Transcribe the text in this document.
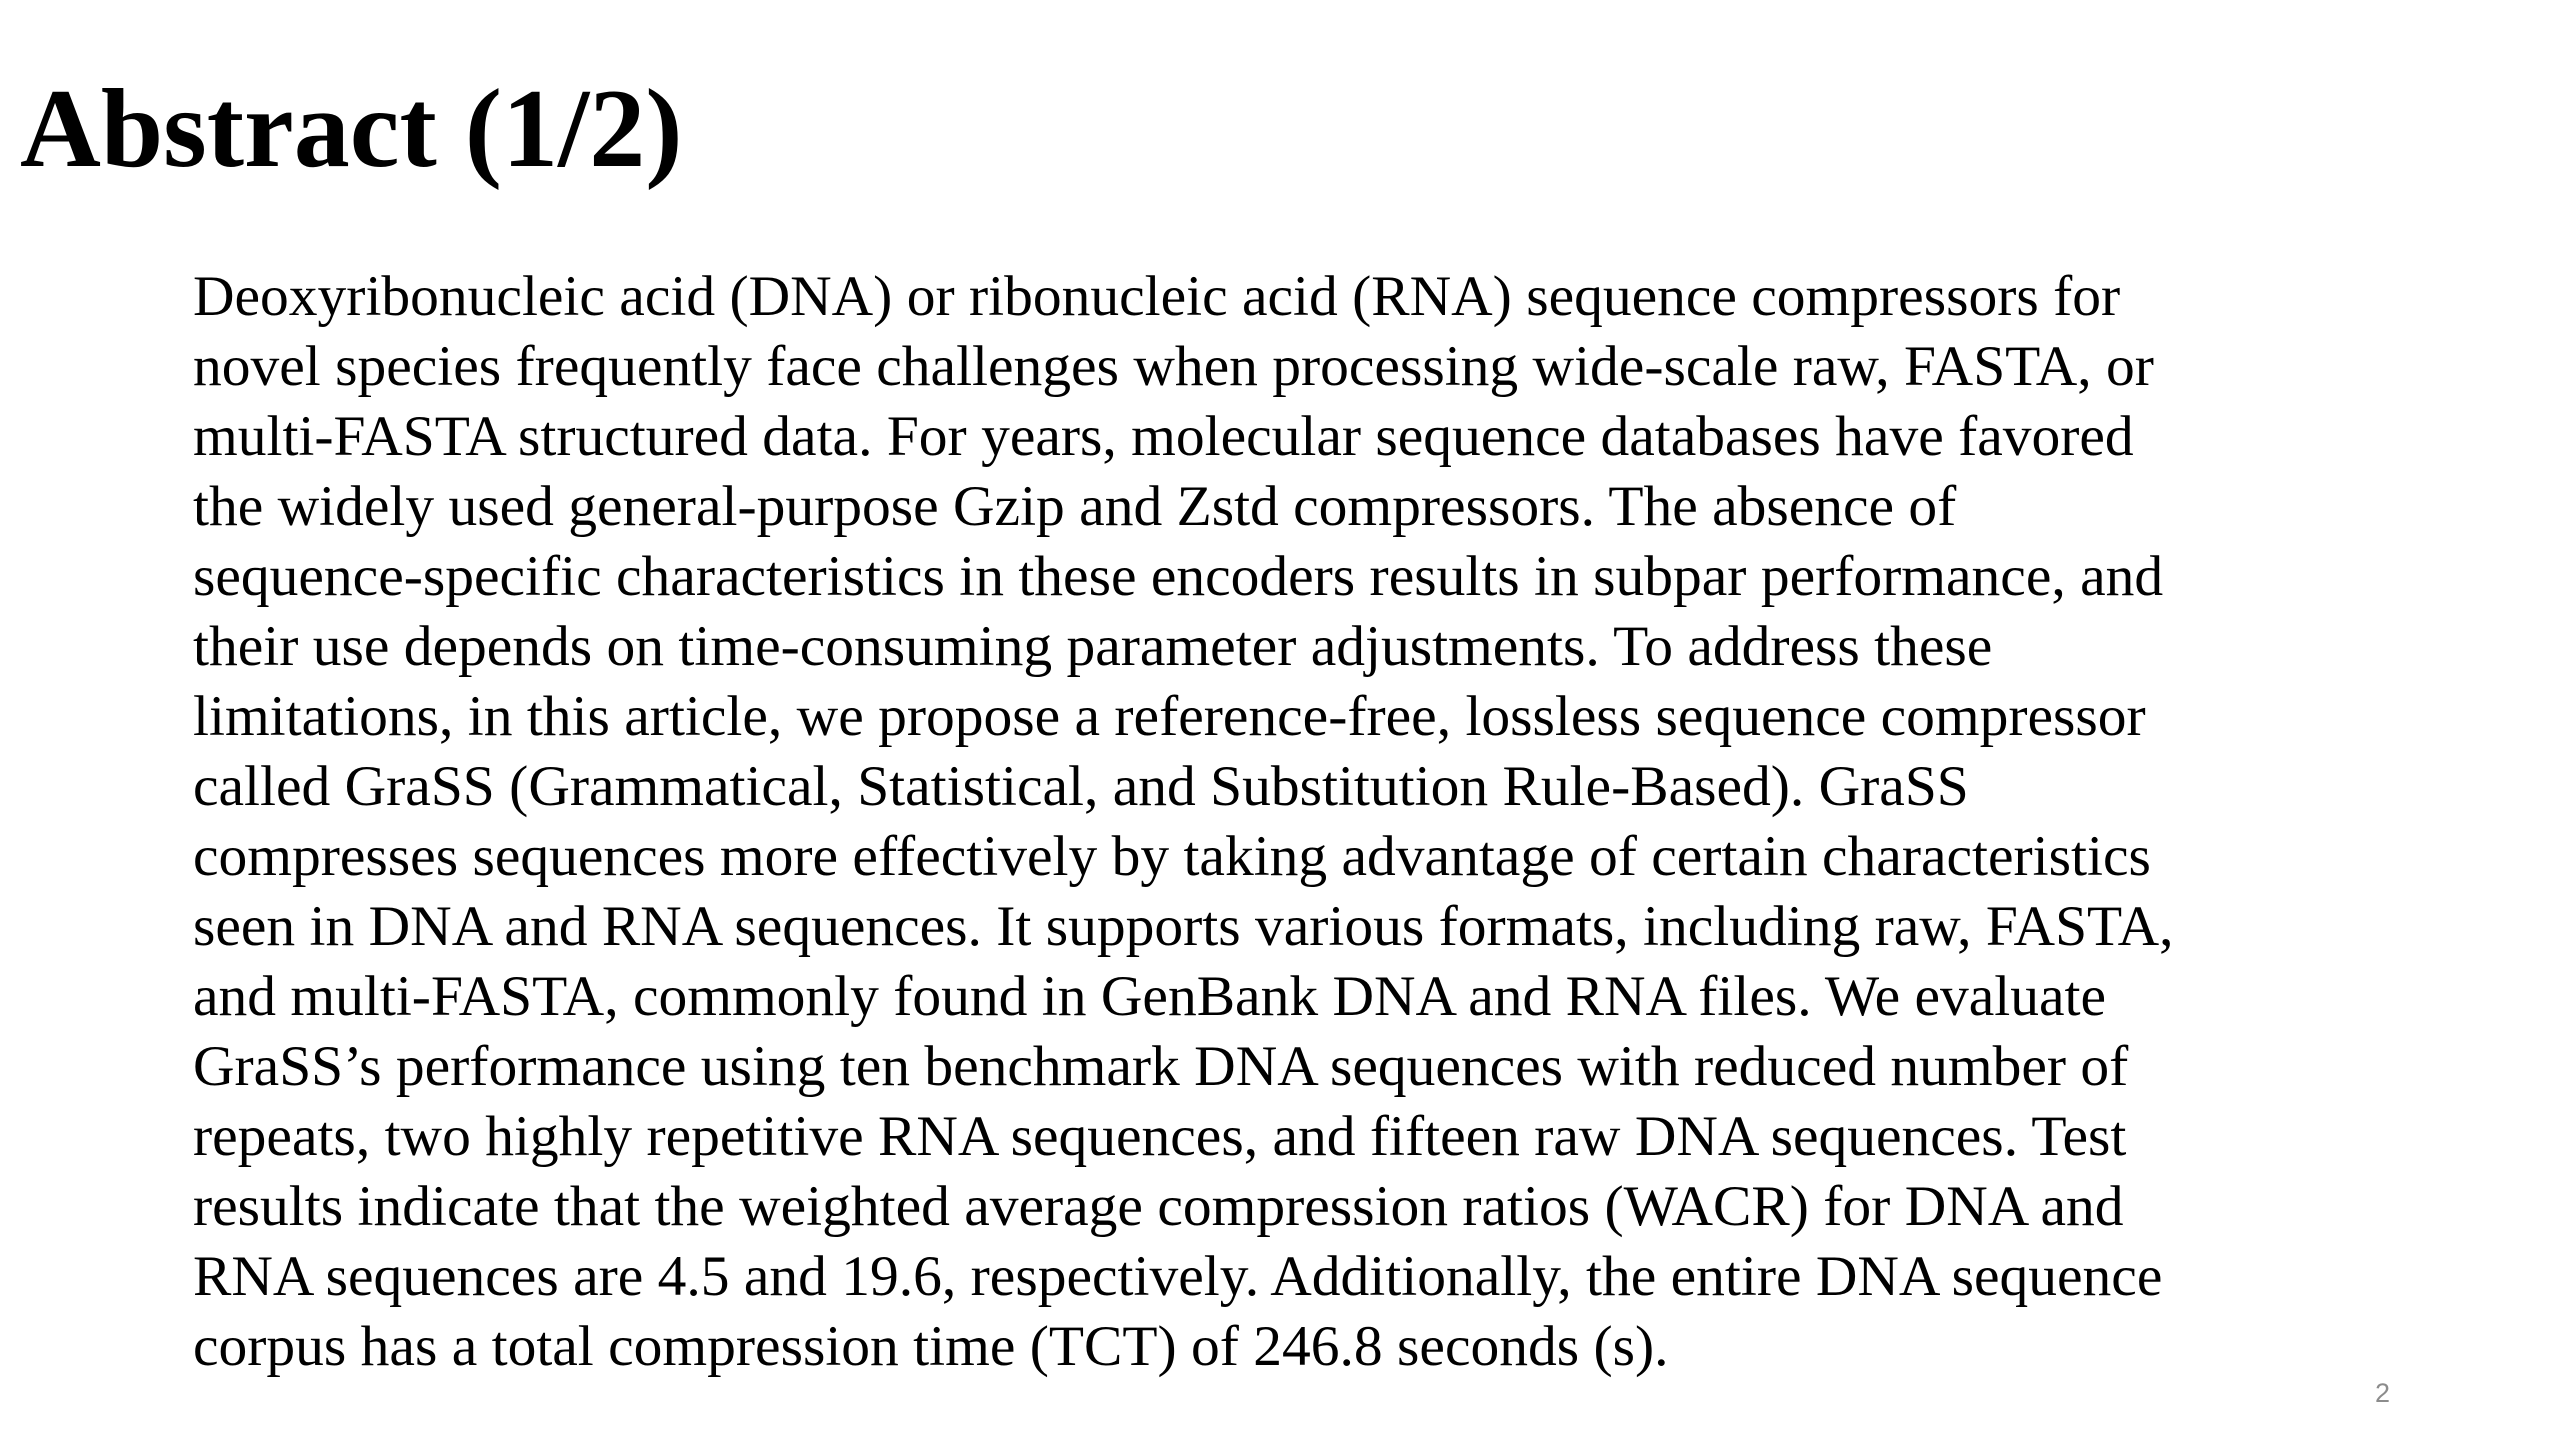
Abstract (1/2)
Deoxyribonucleic acid (DNA) or ribonucleic acid (RNA) sequence compressors for
novel species frequently face challenges when processing wide-scale raw, FASTA, or
multi-FASTA structured data. For years, molecular sequence databases have favored
the widely used general-purpose Gzip and Zstd compressors. The absence of
sequence-specific characteristics in these encoders results in subpar performance, and
their use depends on time-consuming parameter adjustments. To address these
limitations, in this article, we propose a reference-free, lossless sequence compressor
called GraSS (Grammatical, Statistical, and Substitution Rule-Based). GraSS
compresses sequences more effectively by taking advantage of certain characteristics
seen in DNA and RNA sequences. It supports various formats, including raw, FASTA,
and multi-FASTA, commonly found in GenBank DNA and RNA files. We evaluate
GraSS’s performance using ten benchmark DNA sequences with reduced number of
repeats, two highly repetitive RNA sequences, and fifteen raw DNA sequences. Test
results indicate that the weighted average compression ratios (WACR) for DNA and
RNA sequences are 4.5 and 19.6, respectively. Additionally, the entire DNA sequence
corpus has a total compression time (TCT) of 246.8 seconds (s).
2
